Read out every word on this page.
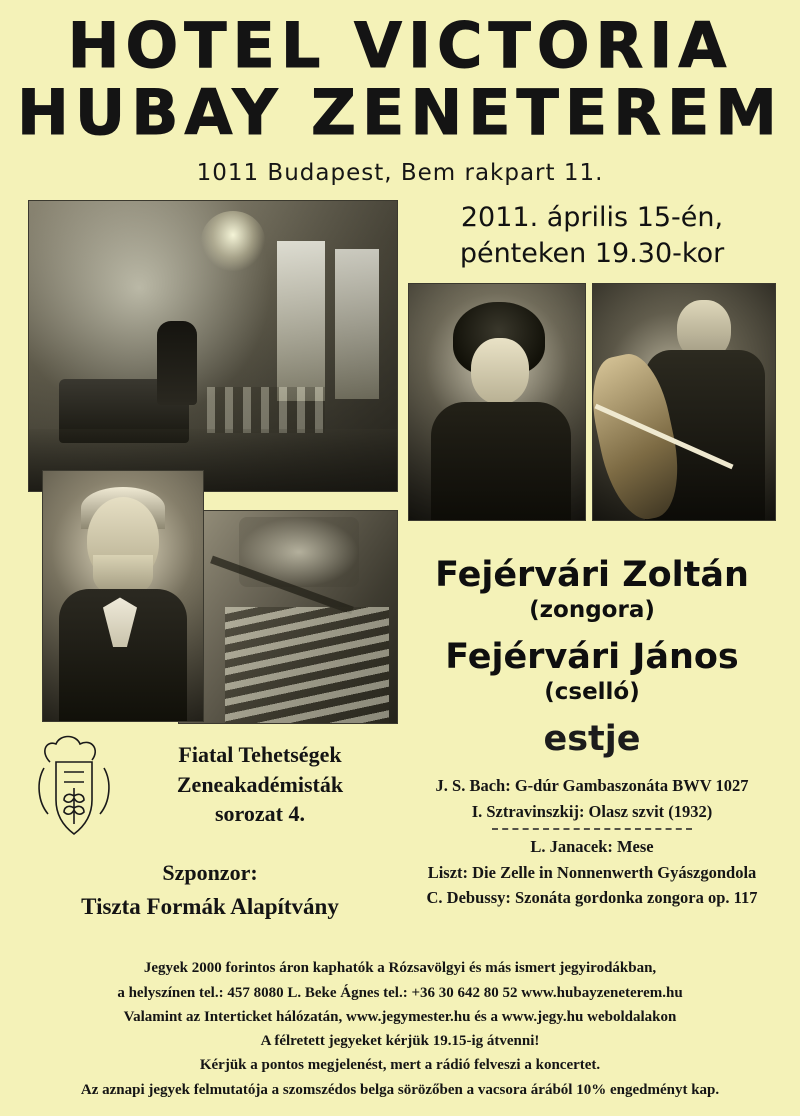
HOTEL VICTORIA
HUBAY ZENETEREM
1011 Budapest, Bem rakpart 11.
2011. április 15-én,
pénteken 19.30-kor
Fejérvári Zoltán
(zongora)
Fejérvári János
(cselló)
estje
J. S. Bach: G-dúr Gambaszonáta BWV 1027
I. Sztravinszkij: Olasz szvit (1932)
L. Janacek: Mese
Liszt: Die Zelle in Nonnenwerth Gyászgondola
C. Debussy: Szonáta gordonka zongora op. 117
Fiatal Tehetségek
Zeneakadémisták
sorozat 4.
Szponzor:
Tiszta Formák Alapítvány
Jegyek 2000 forintos áron kaphatók a Rózsavölgyi és más ismert jegyirodákban,
a helyszínen tel.: 457 8080 L. Beke Ágnes tel.: +36 30 642 80 52 www.hubayzeneterem.hu
Valamint az Interticket hálózatán, www.jegymester.hu és a www.jegy.hu weboldalakon
A félretett jegyeket kérjük 19.15-ig átvenni!
Kérjük a pontos megjelenést, mert a rádió felveszi a koncertet.
Az aznapi jegyek felmutatója a szomszédos belga sörözőben a vacsora árából 10% engedményt kap.
